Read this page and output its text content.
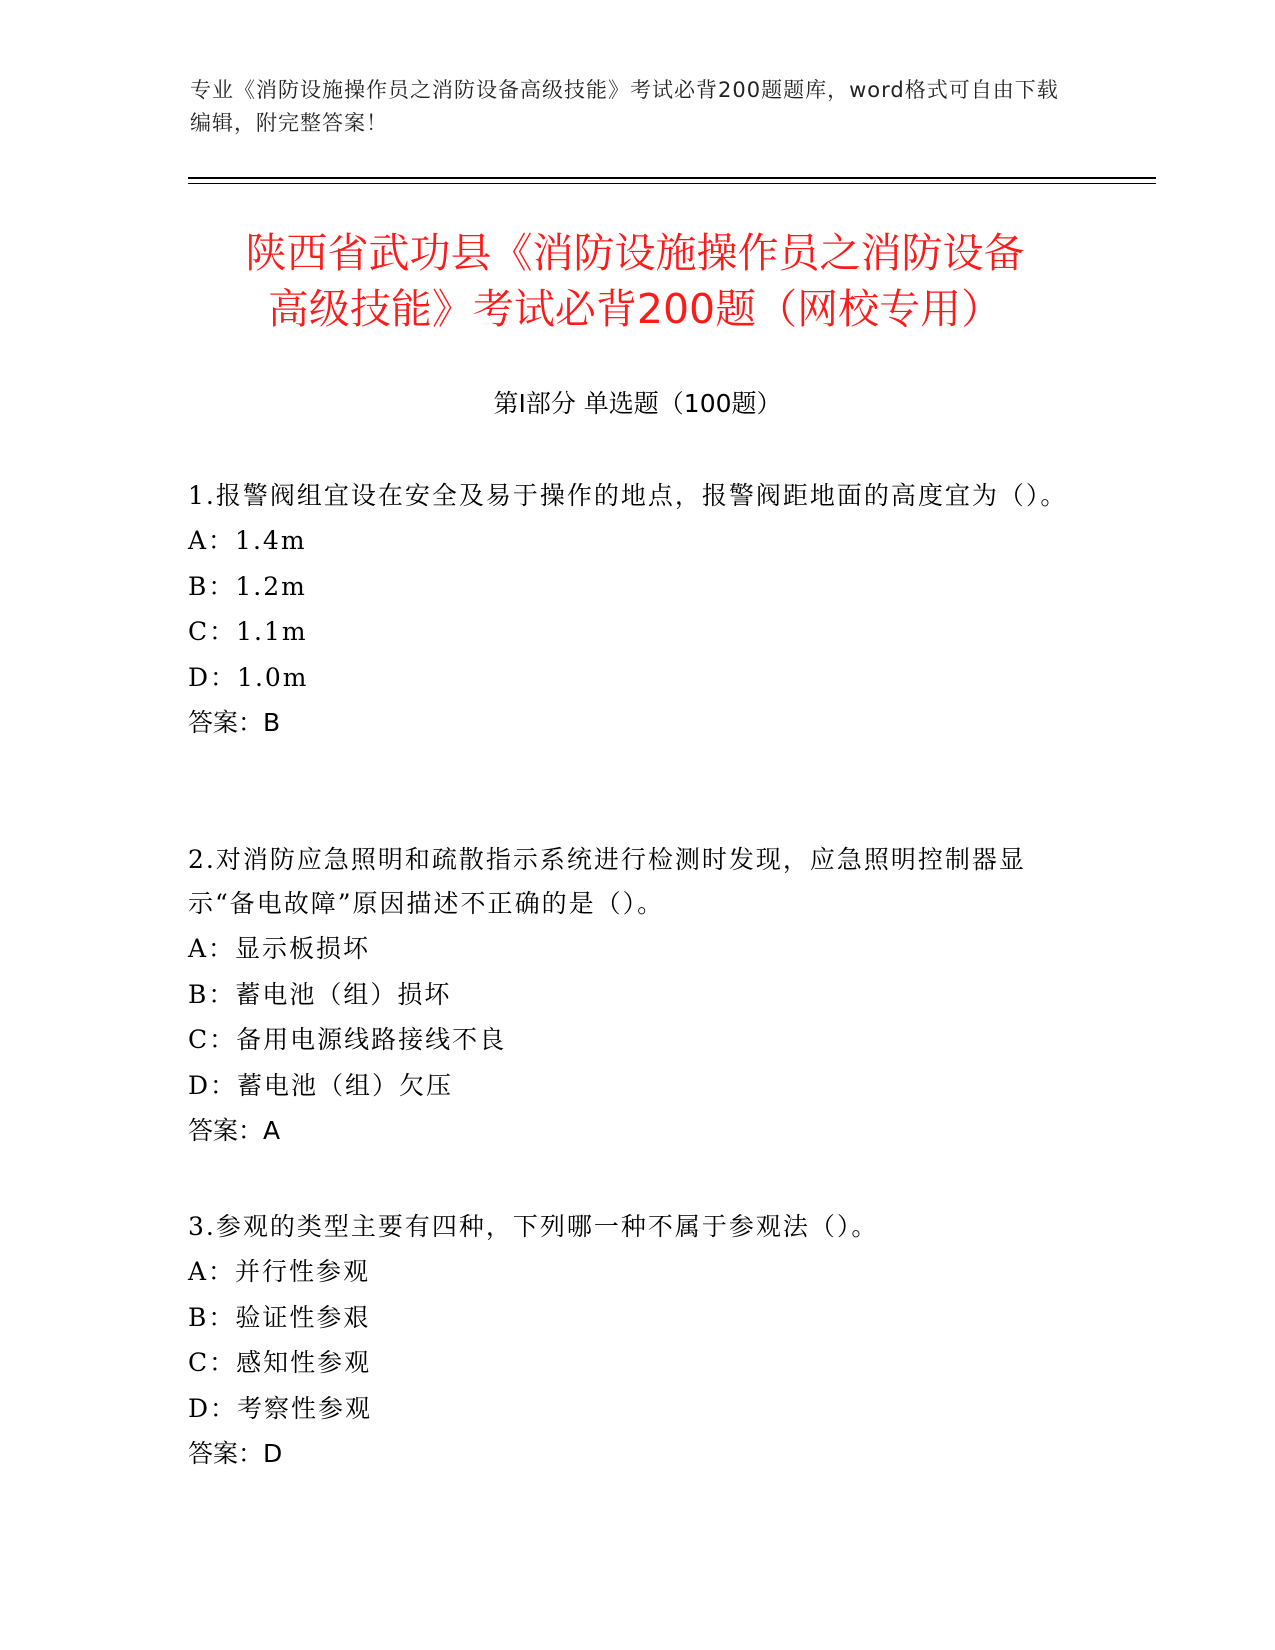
专业《消防设施操作员之消防设备高级技能》考试必背200题题库，word格式可自由下载编辑，附完整答案！
陕西省武功县《消防设施操作员之消防设备
高级技能》考试必背200题（网校专用）
第Ⅰ部分 单选题（100题）
1.报警阀组宜设在安全及易于操作的地点，报警阀距地面的高度宜为（）。
A：1.4m
B：1.2m
C：1.1m
D：1.0m
答案：B
2.对消防应急照明和疏散指示系统进行检测时发现，应急照明控制器显示“备电故障”原因描述不正确的是（）。
A：显示板损坏
B：蓄电池（组）损坏
C：备用电源线路接线不良
D：蓄电池（组）欠压
答案：A
3.参观的类型主要有四种，下列哪一种不属于参观法（）。
A：并行性参观
B：验证性参艰
C：感知性参观
D：考察性参观
答案：D
